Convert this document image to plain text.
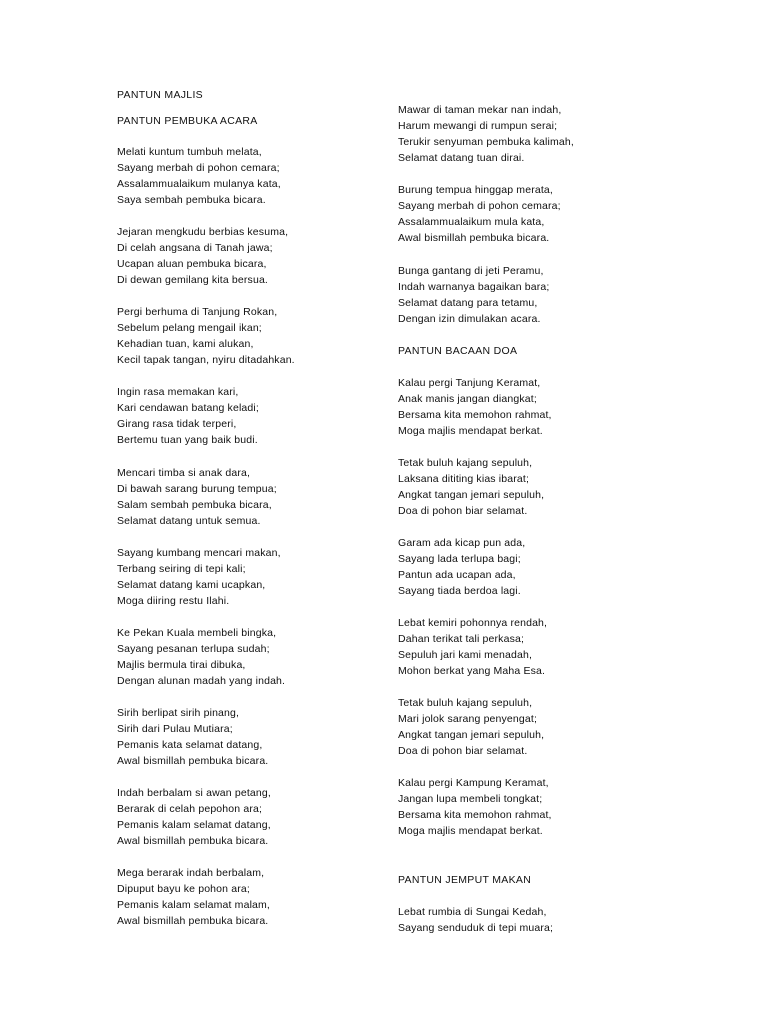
PANTUN MAJLIS
PANTUN PEMBUKA ACARA
Melati kuntum tumbuh melata,
Sayang merbah di pohon cemara;
Assalammualaikum mulanya kata,
Saya sembah pembuka bicara.
Jejaran mengkudu berbias kesuma,
Di celah angsana di Tanah jawa;
Ucapan aluan pembuka bicara,
Di dewan gemilang kita bersua.
Pergi berhuma di Tanjung Rokan,
Sebelum pelang mengail ikan;
Kehadian tuan, kami alukan,
Kecil tapak tangan, nyiru ditadahkan.
Ingin rasa memakan kari,
Kari cendawan batang keladi;
Girang rasa tidak terperi,
Bertemu tuan yang baik budi.
Mencari timba si anak dara,
Di bawah sarang burung tempua;
Salam sembah pembuka bicara,
Selamat datang untuk semua.
Sayang kumbang mencari makan,
Terbang seiring di tepi kali;
Selamat datang kami ucapkan,
Moga diiring restu Ilahi.
Ke Pekan Kuala membeli bingka,
Sayang pesanan terlupa sudah;
Majlis bermula tirai dibuka,
Dengan alunan madah yang indah.
Sirih berlipat sirih pinang,
Sirih dari Pulau Mutiara;
Pemanis kata selamat datang,
Awal bismillah pembuka bicara.
Indah berbalam si awan petang,
Berarak di celah pepohon ara;
Pemanis kalam selamat datang,
Awal bismillah pembuka bicara.
Mega berarak indah berbalam,
Dipuput bayu ke pohon ara;
Pemanis kalam selamat malam,
Awal bismillah pembuka bicara.
Mawar di taman mekar nan indah,
Harum mewangi di rumpun serai;
Terukir senyuman pembuka kalimah,
Selamat datang tuan dirai.
Burung tempua hinggap merata,
Sayang merbah di pohon cemara;
Assalammualaikum mula kata,
Awal bismillah pembuka bicara.
Bunga gantang di jeti Peramu,
Indah warnanya bagaikan bara;
Selamat datang para tetamu,
Dengan izin dimulakan acara.
PANTUN BACAAN DOA
Kalau pergi Tanjung Keramat,
Anak manis jangan diangkat;
Bersama kita memohon rahmat,
Moga majlis mendapat berkat.
Tetak buluh kajang sepuluh,
Laksana dititing kias ibarat;
Angkat tangan jemari sepuluh,
Doa di pohon biar selamat.
Garam ada kicap pun ada,
Sayang lada terlupa bagi;
Pantun ada ucapan ada,
Sayang tiada berdoa lagi.
Lebat kemiri pohonnya rendah,
Dahan terikat tali perkasa;
Sepuluh jari kami menadah,
Mohon berkat yang Maha Esa.
Tetak buluh kajang sepuluh,
Mari jolok sarang penyengat;
Angkat tangan jemari sepuluh,
Doa di pohon biar selamat.
Kalau pergi Kampung Keramat,
Jangan lupa membeli tongkat;
Bersama kita memohon rahmat,
Moga majlis mendapat berkat.
PANTUN JEMPUT MAKAN
Lebat rumbia di Sungai Kedah,
Sayang senduduk di tepi muara;
